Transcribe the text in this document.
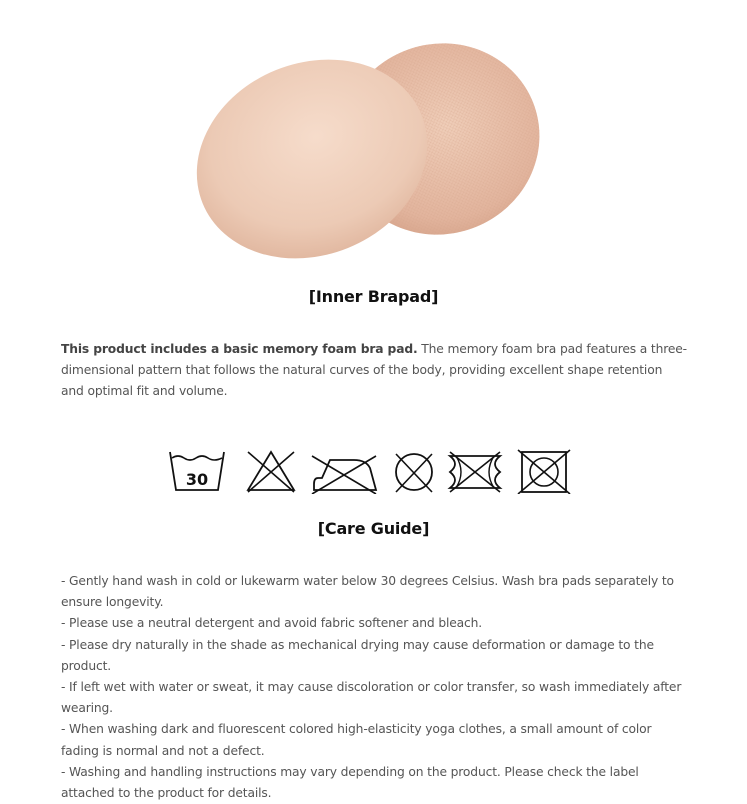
[Inner Brapad]
This product includes a basic memory foam bra pad. The memory foam bra pad features a three-dimensional pattern that follows the natural curves of the body, providing excellent shape retention and optimal fit and volume.
30
[Care Guide]
- Gently hand wash in cold or lukewarm water below 30 degrees Celsius. Wash bra pads separately to ensure longevity.
- Please use a neutral detergent and avoid fabric softener and bleach.
- Please dry naturally in the shade as mechanical drying may cause deformation or damage to the product.
- If left wet with water or sweat, it may cause discoloration or color transfer, so wash immediately after wearing.
- When washing dark and fluorescent colored high-elasticity yoga clothes, a small amount of color fading is normal and not a defect.
- Washing and handling instructions may vary depending on the product. Please check the label attached to the product for details.
